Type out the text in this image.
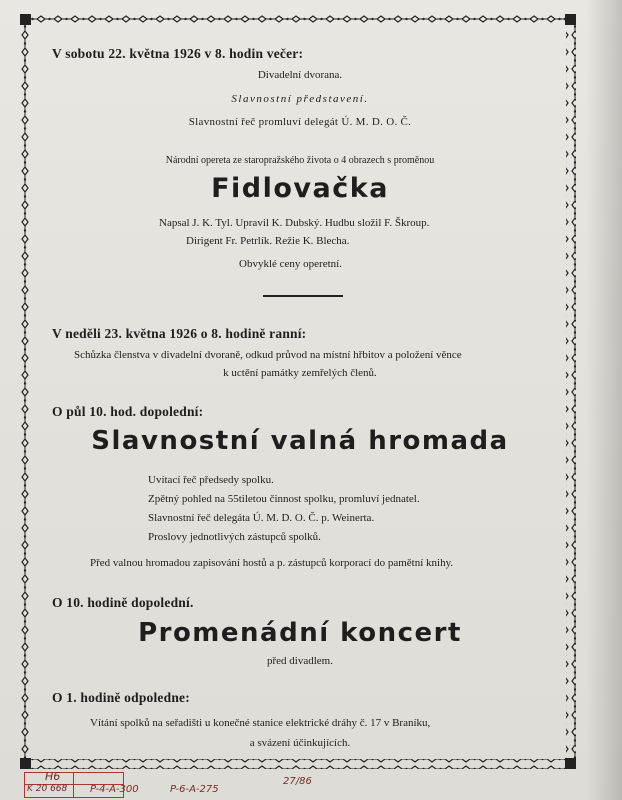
V sobotu 22. května 1926 v 8. hodin večer:
Divadelní dvorana.
Slavnostní představení.
Slavnostní řeč promluví delegát Ú. M. D. O. Č.
Národní opereta ze staropražského života o 4 obrazech s proměnou
Fidlovačka
Napsal J. K. Tyl. Upravil K. Dubský. Hudbu složil F. Škroup.
Dirigent Fr. Petrlík. Režie K. Blecha.
Obvyklé ceny operetní.
V neděli 23. května 1926 o 8. hodině ranní:
Schůzka členstva v divadelní dvoraně, odkud průvod na místní hřbitov a položení věnce
k uctění památky zemřelých členů.
O půl 10. hod. dopolední:
Slavnostní valná hromada
Uvítací řeč předsedy spolku.
Zpětný pohled na 55tiletou činnost spolku, promluví jednatel.
Slavnostní řeč delegáta Ú. M. D. O. Č. p. Weinerta.
Proslovy jednotlivých zástupců spolků.
Před valnou hromadou zapisování hostů a p. zástupců korporací do pamětní knihy.
O 10. hodině dopolední.
Promenádní koncert
před divadlem.
O 1. hodině odpoledne:
Vítání spolků na seřadišti u konečné stanice elektrické dráhy č. 17 v Braníku,
a svázení účinkujících.
H6
K 20 668 P-4-A-300	P-6-A-275
27/86
